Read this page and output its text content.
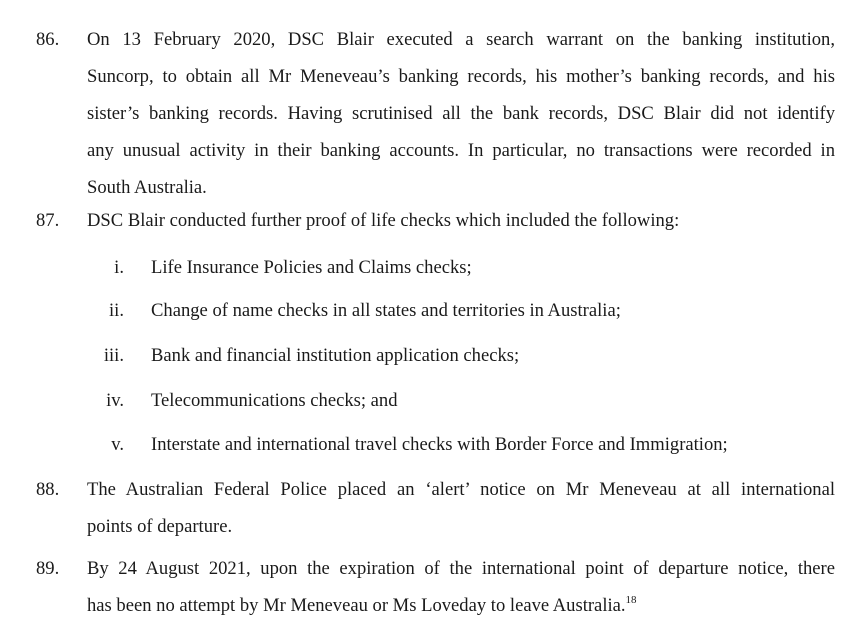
86.	On 13 February 2020, DSC Blair executed a search warrant on the banking institution,
Suncorp, to obtain all Mr Meneveau’s banking records, his mother’s banking records, and his
sister’s banking records. Having scrutinised all the bank records, DSC Blair did not identify
any unusual activity in their banking accounts. In particular, no transactions were recorded in
South Australia.
87.	DSC Blair conducted further proof of life checks which included the following:
i. Life Insurance Policies and Claims checks;
ii. Change of name checks in all states and territories in Australia;
iii. Bank and financial institution application checks;
iv. Telecommunications checks; and
v. Interstate and international travel checks with Border Force and Immigration;
88.	The Australian Federal Police placed an ‘alert’ notice on Mr Meneveau at all international
points of departure.
89.	By 24 August 2021, upon the expiration of the international point of departure notice, there
has been no attempt by Mr Meneveau or Ms Loveday to leave Australia.$^{18}$
